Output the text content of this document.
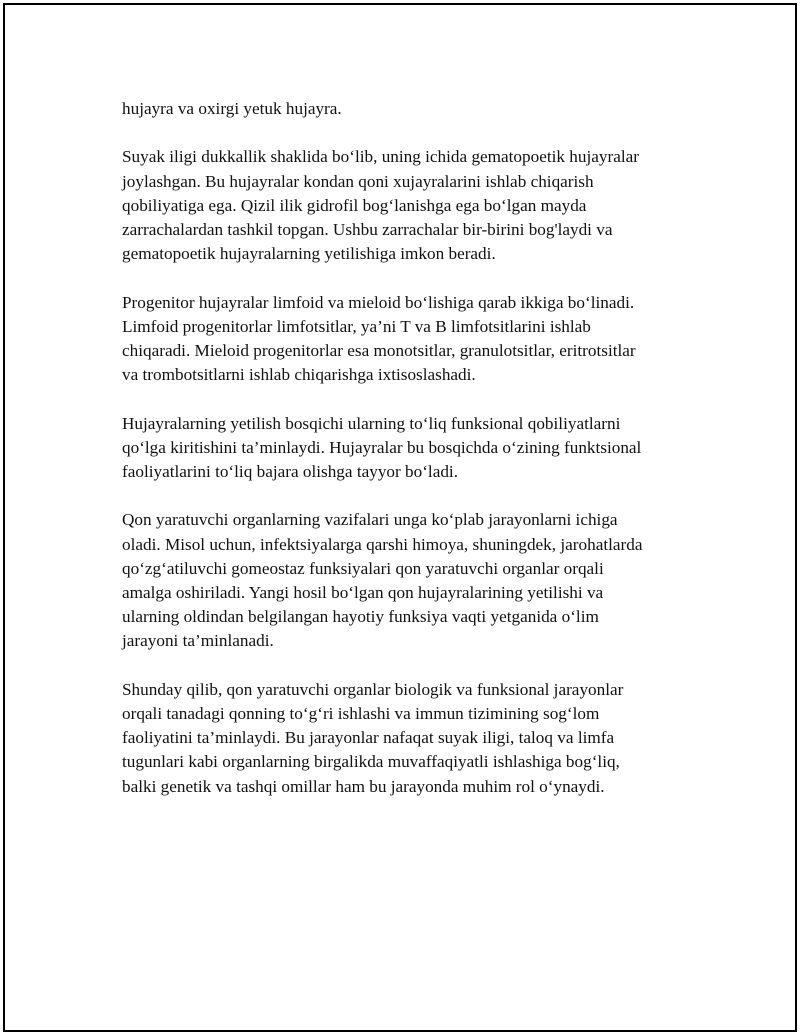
hujayra va oxirgi yetuk hujayra.

Suyak iligi dukkallik shaklida bo‘lib, uning ichida gematopoetik hujayralar
joylashgan. Bu hujayralar kondan qoni xujayralarini ishlab chiqarish
qobiliyatiga ega. Qizil ilik gidrofil bog‘lanishga ega bo‘lgan mayda
zarrachalardan tashkil topgan. Ushbu zarrachalar bir-birini bog'laydi va
gematopoetik hujayralarning yetilishiga imkon beradi.

Progenitor hujayralar limfoid va mieloid bo‘lishiga qarab ikkiga bo‘linadi.
Limfoid progenitorlar limfotsitlar, ya’ni T va B limfotsitlarini ishlab
chiqaradi. Mieloid progenitorlar esa monotsitlar, granulotsitlar, eritrotsitlar
va trombotsitlarni ishlab chiqarishga ixtisoslashadi.

Hujayralarning yetilish bosqichi ularning to‘liq funksional qobiliyatlarni
qo‘lga kiritishini ta’minlaydi. Hujayralar bu bosqichda o‘zining funktsional
faoliyatlarini to‘liq bajara olishga tayyor bo‘ladi.

Qon yaratuvchi organlarning vazifalari unga ko‘plab jarayonlarni ichiga
oladi. Misol uchun, infektsiyalarga qarshi himoya, shuningdek, jarohatlarda
qo‘zg‘atiluvchi gomeostaz funksiyalari qon yaratuvchi organlar orqali
amalga oshiriladi. Yangi hosil bo‘lgan qon hujayralarining yetilishi va
ularning oldindan belgilangan hayotiy funksiya vaqti yetganida o‘lim
jarayoni ta’minlanadi.

Shunday qilib, qon yaratuvchi organlar biologik va funksional jarayonlar
orqali tanadagi qonning to‘g‘ri ishlashi va immun tizimining sog‘lom
faoliyatini ta’minlaydi. Bu jarayonlar nafaqat suyak iligi, taloq va limfa
tugunlari kabi organlarning birgalikda muvaffaqiyatli ishlashiga bog‘liq,
balki genetik va tashqi omillar ham bu jarayonda muhim rol o‘ynaydi.
